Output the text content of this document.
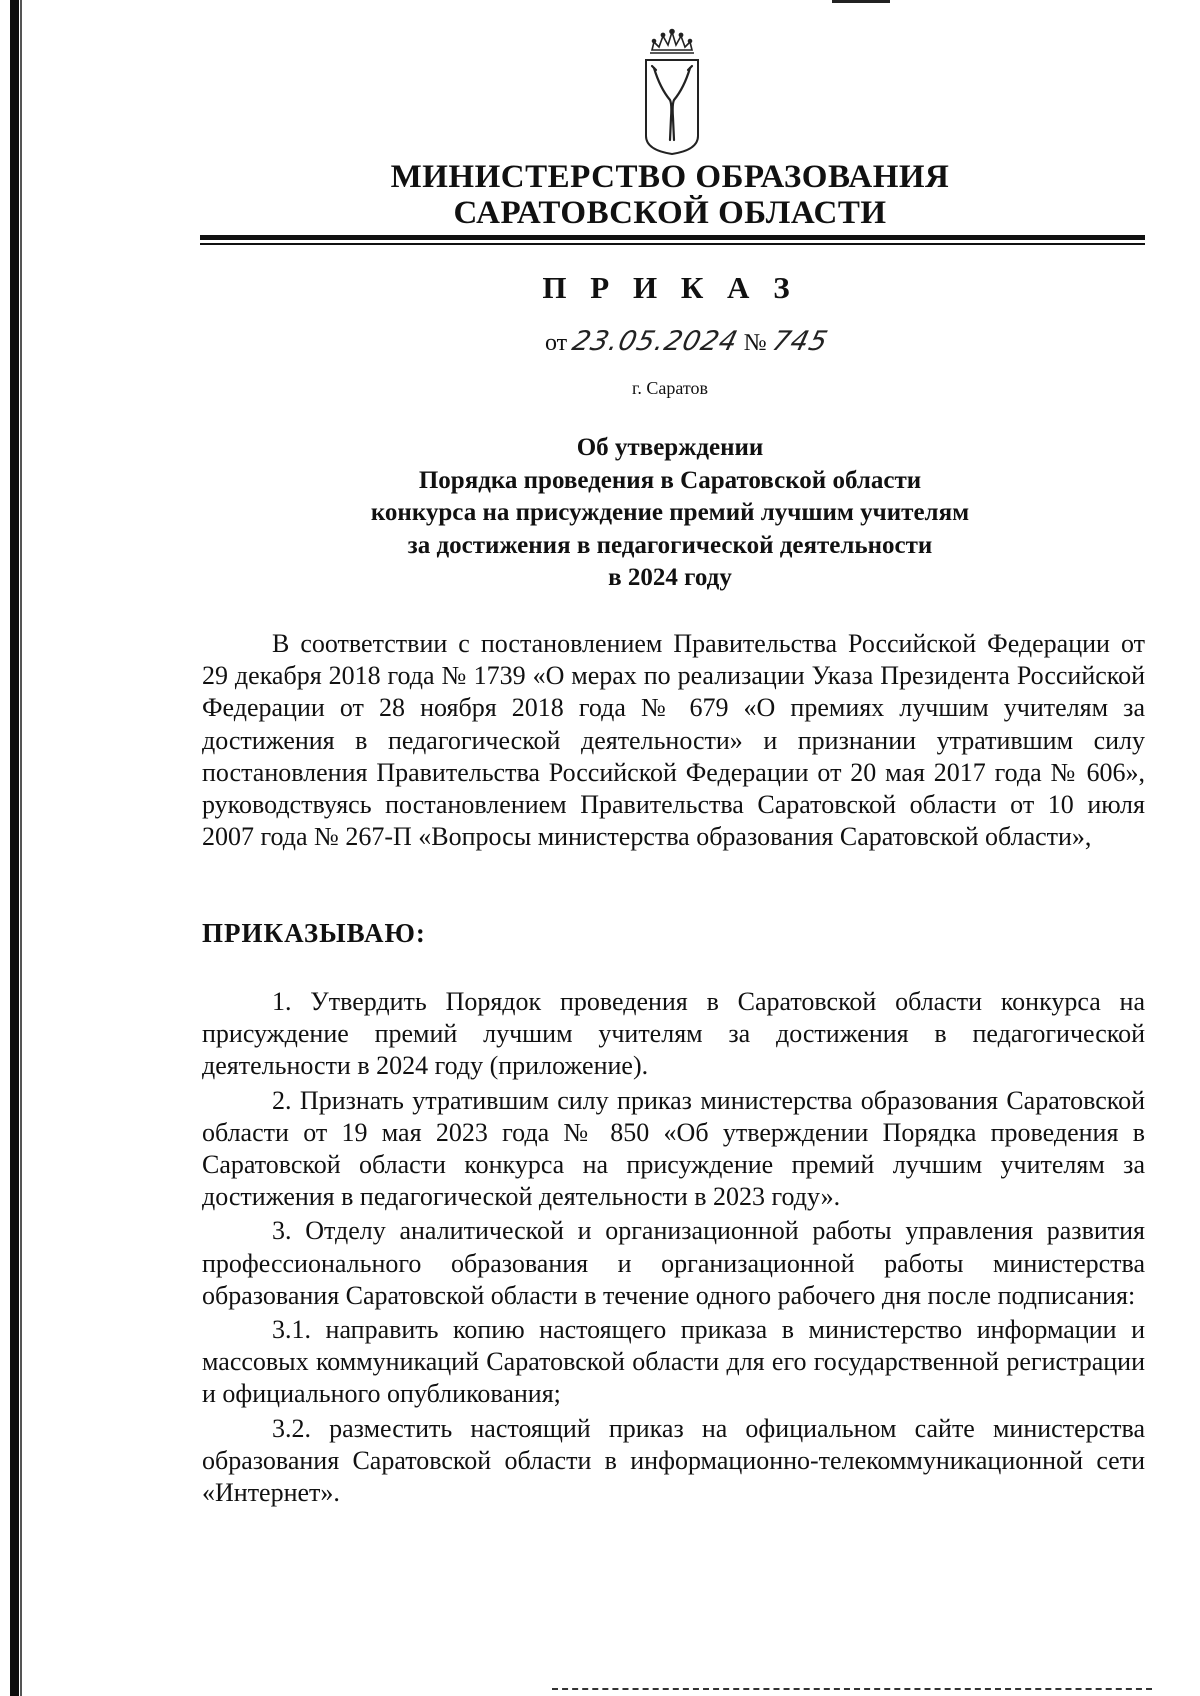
МИНИСТЕРСТВО ОБРАЗОВАНИЯ
САРАТОВСКОЙ ОБЛАСТИ
П Р И К А З
от 23.05.2024 № 745
г. Саратов
Об утверждении
Порядка проведения в Саратовской области
конкурса на присуждение премий лучшим учителям
за достижения в педагогической деятельности
в 2024 году

В соответствии с постановлением Правительства Российской Федерации от 29 декабря 2018 года № 1739 «О мерах по реализации Указа Президента Российской Федерации от 28 ноября 2018 года № 679 «О премиях лучшим учителям за достижения в педагогической деятельности» и признании утратившим силу постановления Правительства Российской Федерации от 20 мая 2017 года № 606», руководствуясь постановлением Правительства Саратовской области от 10 июля 2007 года № 267-П «Вопросы министерства образования Саратовской области»,

ПРИКАЗЫВАЮ:

1. Утвердить Порядок проведения в Саратовской области конкурса на присуждение премий лучшим учителям за достижения в педагогической деятельности в 2024 году (приложение).

2. Признать утратившим силу приказ министерства образования Саратовской области от 19 мая 2023 года № 850 «Об утверждении Порядка проведения в Саратовской области конкурса на присуждение премий лучшим учителям за достижения в педагогической деятельности в 2023 году».

3. Отделу аналитической и организационной работы управления развития профессионального образования и организационной работы министерства образования Саратовской области в течение одного рабочего дня после подписания:

3.1. направить копию настоящего приказа в министерство информации и массовых коммуникаций Саратовской области для его государственной регистрации и официального опубликования;

3.2. разместить настоящий приказ на официальном сайте министерства образования Саратовской области в информационно-телекоммуникационной сети «Интернет».
